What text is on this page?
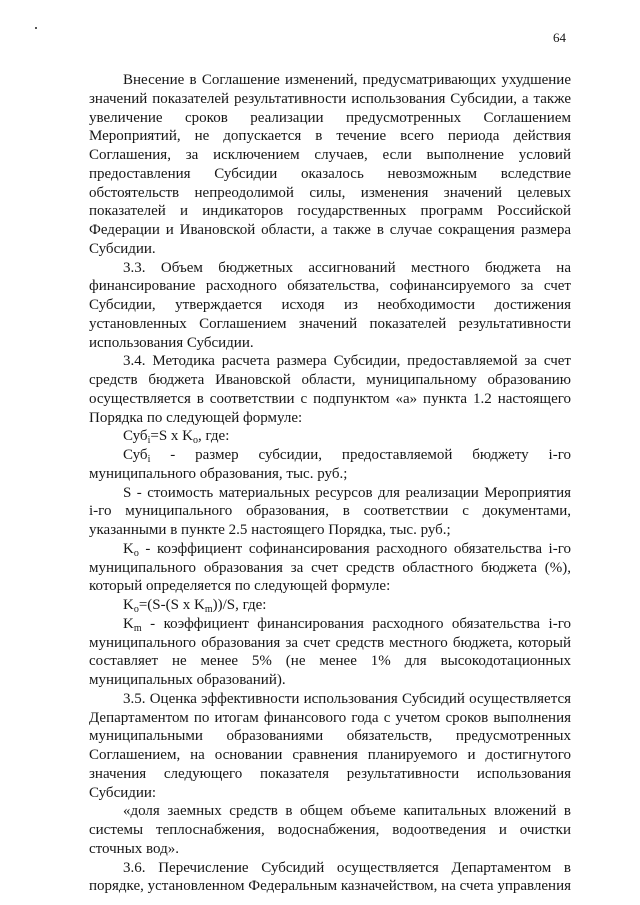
64

Внесение в Соглашение изменений, предусматривающих ухудшение значений показателей результативности использования Субсидии, а также увеличение сроков реализации предусмотренных Соглашением Мероприятий, не допускается в течение всего периода действия Соглашения, за исключением случаев, если выполнение условий предоставления Субсидии оказалось невозможным вследствие обстоятельств непреодолимой силы, изменения значений целевых показателей и индикаторов государственных программ Российской Федерации и Ивановской области, а также в случае сокращения размера Субсидии.

3.3. Объем бюджетных ассигнований местного бюджета на финансирование расходного обязательства, софинансируемого за счет Субсидии, утверждается исходя из необходимости достижения установленных Соглашением значений показателей результативности использования Субсидии.

3.4. Методика расчета размера Субсидии, предоставляемой за счет средств бюджета Ивановской области, муниципальному образованию осуществляется в соответствии с подпунктом «а» пункта 1.2 настоящего Порядка по следующей формуле:

Суб$_i$=S x $K_o$, где:

Суб$_i$ - размер субсидии, предоставляемой бюджету i-го муниципального образования, тыс. руб.;

S - стоимость материальных ресурсов для реализации Мероприятия i-го муниципального образования, в соответствии с документами, указанными в пункте 2.5 настоящего Порядка, тыс. руб.;

$K_o$ - коэффициент софинансирования расходного обязательства i-го муниципального образования за счет средств областного бюджета (%), который определяется по следующей формуле:

$K_o=(S-(S$ x $K_m))/S$, где:

$K_m$ - коэффициент финансирования расходного обязательства i-го муниципального образования за счет средств местного бюджета, который составляет не менее 5% (не менее 1% для высокодотационных муниципальных образований).

3.5. Оценка эффективности использования Субсидий осуществляется Департаментом по итогам финансового года с учетом сроков выполнения муниципальными образованиями обязательств, предусмотренных Соглашением, на основании сравнения планируемого и достигнутого значения следующего показателя результативности использования Субсидии:

«доля заемных средств в общем объеме капитальных вложений в системы теплоснабжения, водоснабжения, водоотведения и очистки сточных вод».

3.6. Перечисление Субсидий осуществляется Департаментом в порядке, установленном Федеральным казначейством, на счета управления
